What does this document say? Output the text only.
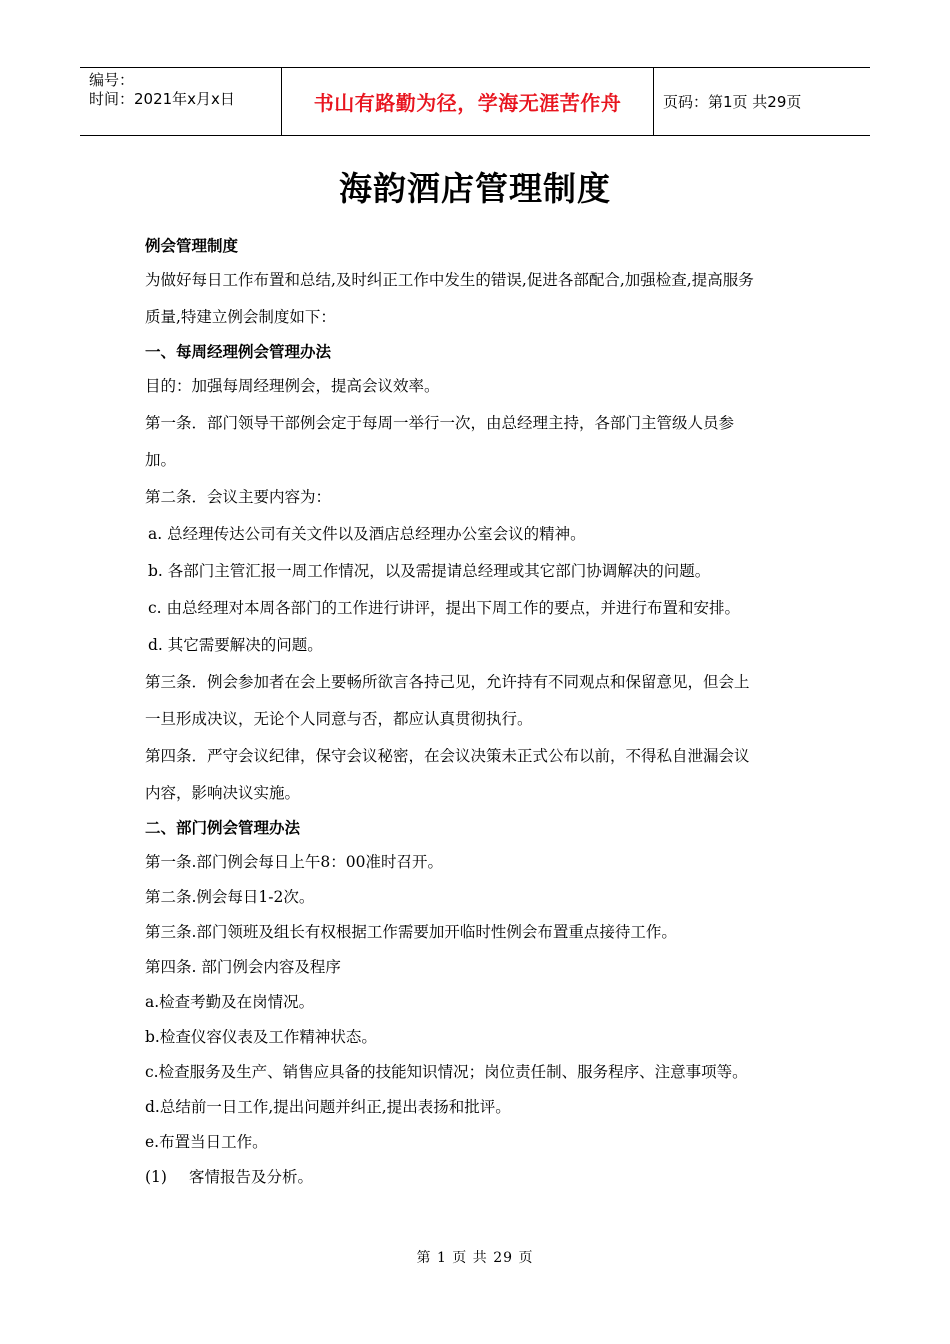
编号：
时间：2021年x月x日	书山有路勤为径，学海无涯苦作舟	页码：第1页 共29页
海韵酒店管理制度
例会管理制度
为做好每日工作布置和总结,及时纠正工作中发生的错误,促进各部配合,加强检查,提高服务
质量,特建立例会制度如下：
一、每周经理例会管理办法
目的：加强每周经理例会，提高会议效率。
第一条．部门领导干部例会定于每周一举行一次，由总经理主持，各部门主管级人员参
加。
第二条．会议主要内容为：
a. 总经理传达公司有关文件以及酒店总经理办公室会议的精神。
b. 各部门主管汇报一周工作情况，以及需提请总经理或其它部门协调解决的问题。
c. 由总经理对本周各部门的工作进行讲评，提出下周工作的要点，并进行布置和安排。
d. 其它需要解决的问题。
第三条．例会参加者在会上要畅所欲言各持己见，允许持有不同观点和保留意见，但会上
一旦形成决议，无论个人同意与否，都应认真贯彻执行。
第四条．严守会议纪律，保守会议秘密，在会议决策未正式公布以前，不得私自泄漏会议
内容，影响决议实施。
二、部门例会管理办法
第一条.部门例会每日上午8：00准时召开。
第二条.例会每日1-2次。
第三条.部门领班及组长有权根据工作需要加开临时性例会布置重点接待工作。
第四条. 部门例会内容及程序
a.检查考勤及在岗情况。
b.检查仪容仪表及工作精神状态。
c.检查服务及生产、销售应具备的技能知识情况；岗位责任制、服务程序、注意事项等。
d.总结前一日工作,提出问题并纠正,提出表扬和批评。
e.布置当日工作。
(1) 客情报告及分析。
第 1 页 共 29 页
